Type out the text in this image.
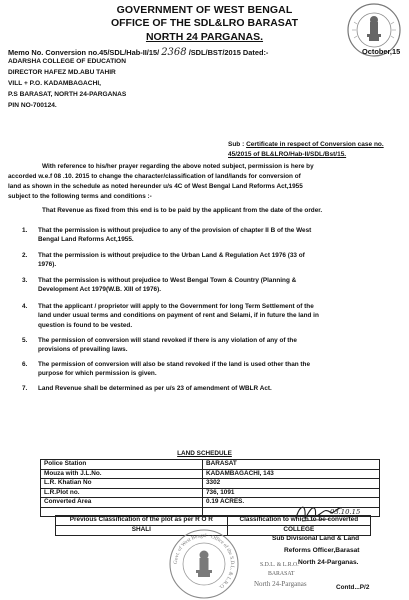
GOVERNMENT OF WEST BENGAL
OFFICE OF THE SDL&LRO BARASAT
NORTH 24 PARGANAS.
Memo No. Conversion no.45/SDL/Hab-II/15/ 2368 /SDL/BST/2015 Dated:-	October,15
ADARSHA COLLEGE OF EDUCATION
DIRECTOR HAFEZ MD.ABU TAHIR
VILL + P.O. KADAMBAGACHI,
P.S BARASAT, NORTH 24-PARGANAS
PIN NO-700124.
Sub : Certificate in respect of Conversion case no.
45/2015 of BL&LRO/Hab-II/SDL/Bst/15.
With reference to his/her prayer regarding the above noted subject, permission is here by
accorded w.e.f 08 .10. 2015 to change the character/classification of land/lands for conversion of
land as shown in the schedule as noted hereunder u/s 4C of West Bengal Land Reforms Act,1955
subject to the following terms and conditions :-
That Revenue as fixed from this end is to be paid by the applicant from the date of the order.
1. That the permission is without prejudice to any of the provision of chapter II B of the West
Bengal Land Reforms Act,1955.
2. That the permission is without prejudice to the Urban Land & Regulation Act 1976 (33 of
1976).
3. That the permission is without prejudice to West Bengal Town & Country (Planning &
Development Act 1979(W.B. XIII of 1976).
4. That the applicant / proprietor will apply to the Government for long Term Settlement of the
land under usual terms and conditions on payment of rent and Selami, if in future the land in
question is found to be vested.
5. The permission of conversion will stand revoked if there is any violation of any of the
provisions of prevailing laws.
6. The permission of conversion will also be stand revoked if the land is used other than the
purpose for which permission is given.
7. Land Revenue shall be determined as per u/s 23 of amendment of WBLR Act.
LAND SCHEDULE
Police Station	BARASAT
Mouza with J.L.No.	KADAMBAGACHI, 143
L.R. Khatian No	3302
L.R.Plot no.	736, 1091
Converted Area	0.19 ACRES.

Previous Classification of the plot as per R O R	Classification to which to be converted
SHALI	COLLEGE
Govt. of West Bengal · Office of the S.D.L. & L.R.O.
03.10.15
Sub Divisional Land & Land
Reforms Officer,Barasat
North 24-Parganas.
S.D.L. & L.R.O.
BARASAT
North 24-Parganas	Contd...P/2
